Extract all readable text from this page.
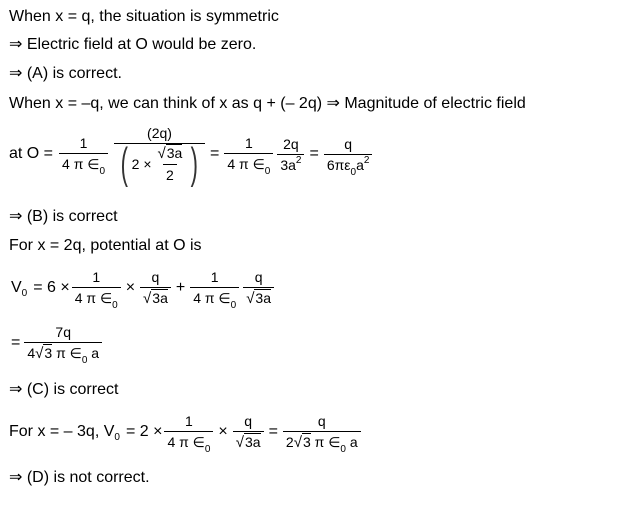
When x = q, the situation is symmetric
⇒ Electric field at O would be zero.
⇒ (A) is correct.
When x = –q, we can think of x as q + (– 2q) ⇒ Magnitude of electric field
at $O = \frac{1}{4 \pi \in_0}$
(2q)
( $2 \times \frac{√3a}{2}$ ) = $\frac{1}{4 \pi \in_0} \frac{2q}{3a^2} = \frac{q}{6\pi\varepsilon_0a^2}$
⇒ (B) is correct
For x = 2q, potential at O is
V $0 = 6 \times \frac{1}{4 \pi \in_0} \times \frac{q}{√3a} + \frac{1}{4 \pi \in_0} \frac{q}{√3a}$
= $\frac{7q}{4√3 \pi \in_0 a}$
⇒ (C) is correct
For x = – 3q, V $0 = 2 \times \frac{1}{4 \pi \in_0} \times \frac{q}{√3a} = \frac{q}{2√3 \pi \in_0 a}$
⇒ (D) is not correct.
